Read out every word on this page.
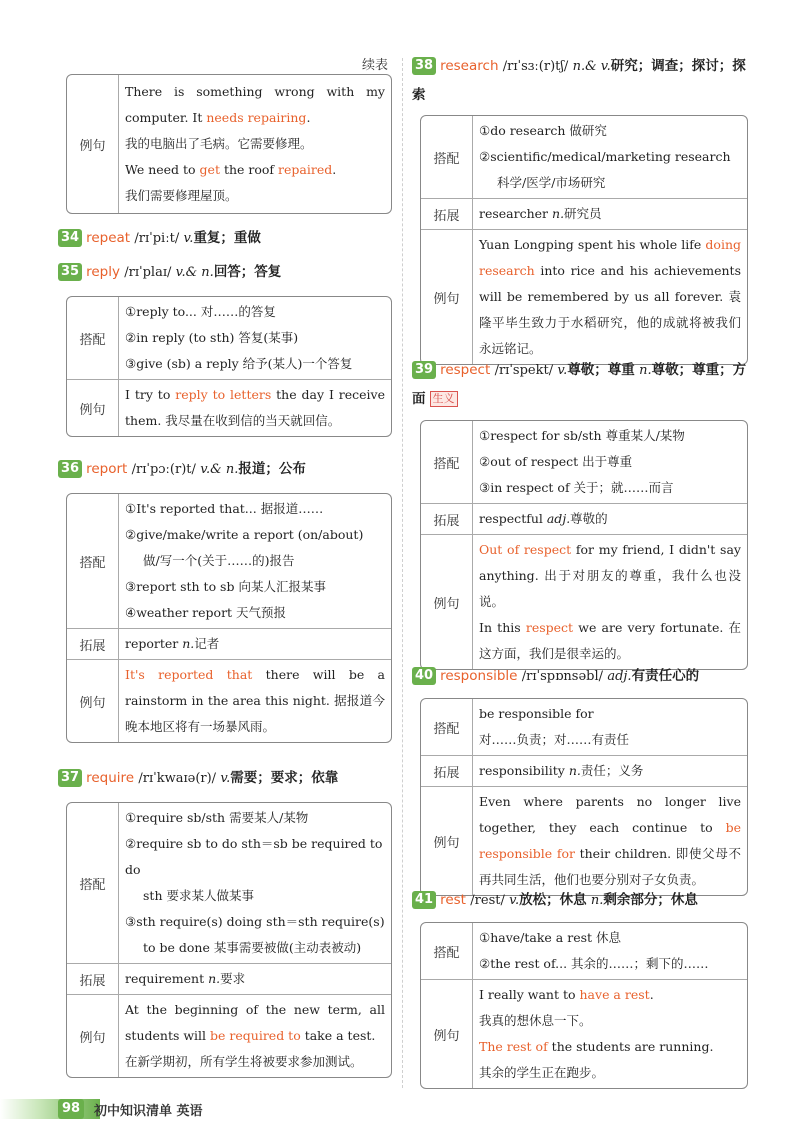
续表
例句	
There is something wrong with my computer. It needs repairing.
我的电脑出了毛病。它需要修理。
We need to get the roof repaired.
我们需要修理屋顶。
34 repeat /rɪˈpiːt/ v.重复；重做
35 reply /rɪˈplaɪ/ v.& n.回答；答复
搭配	①reply to... 对……的答复
②in reply (to sth) 答复(某事)
③give (sb) a reply 给予(某人)一个答复

例句	I try to reply to letters the day I receive them. 我尽量在收到信的当天就回信。
36 report /rɪˈpɔː(r)t/ v.& n.报道；公布
搭配	①It's reported that... 据报道……
②give/make/write a report (on/about)
做/写一个(关于……的)报告
③report sth to sb 向某人汇报某事
④weather report 天气预报

拓展	reporter n.记者
例句	It's reported that there will be a rainstorm in the area this night. 据报道今晚本地区将有一场暴风雨。
37 require /rɪˈkwaɪə(r)/ v.需要；要求；依靠
搭配	①require sb/sth 需要某人/某物
②require sb to do sth＝sb be required to do
sth 要求某人做某事
③sth require(s) doing sth＝sth require(s)
to be done 某事需要被做(主动表被动)

拓展	requirement n.要求
例句	At the beginning of the new term, all students will be required to take a test.
在新学期初，所有学生将被要求参加测试。
38 research /rɪˈsɜː(r)tʃ/ n.& v.研究；调查；探讨；探索
搭配	①do research 做研究
②scientific/medical/marketing research
科学/医学/市场研究

拓展	researcher n.研究员
例句	Yuan Longping spent his whole life doing research into rice and his achievements will be remembered by us all forever. 袁隆平毕生致力于水稻研究，他的成就将被我们永远铭记。
39 respect /rɪˈspekt/ v.尊敬；尊重 n.尊敬；尊重；方面 生义
搭配	①respect for sb/sth 尊重某人/某物
②out of respect 出于尊重
③in respect of 关于；就……而言

拓展	respectful adj.尊敬的
例句	Out of respect for my friend, I didn't say anything. 出于对朋友的尊重，我什么也没说。
In this respect we are very fortunate. 在这方面，我们是很幸运的。
40 responsible /rɪˈspɒnsəbl/ adj.有责任心的
搭配	be responsible for
对……负责；对……有责任

拓展	responsibility n.责任；义务
例句	Even where parents no longer live together, they each continue to be responsible for their children. 即使父母不再共同生活，他们也要分别对子女负责。
41 rest /rest/ v.放松；休息 n.剩余部分；休息
搭配	①have/take a rest 休息
②the rest of... 其余的……；剩下的……

例句	I really want to have a rest.
我真的想休息一下。
The rest of the students are running.
其余的学生正在跑步。
98	初中知识清单 英语
